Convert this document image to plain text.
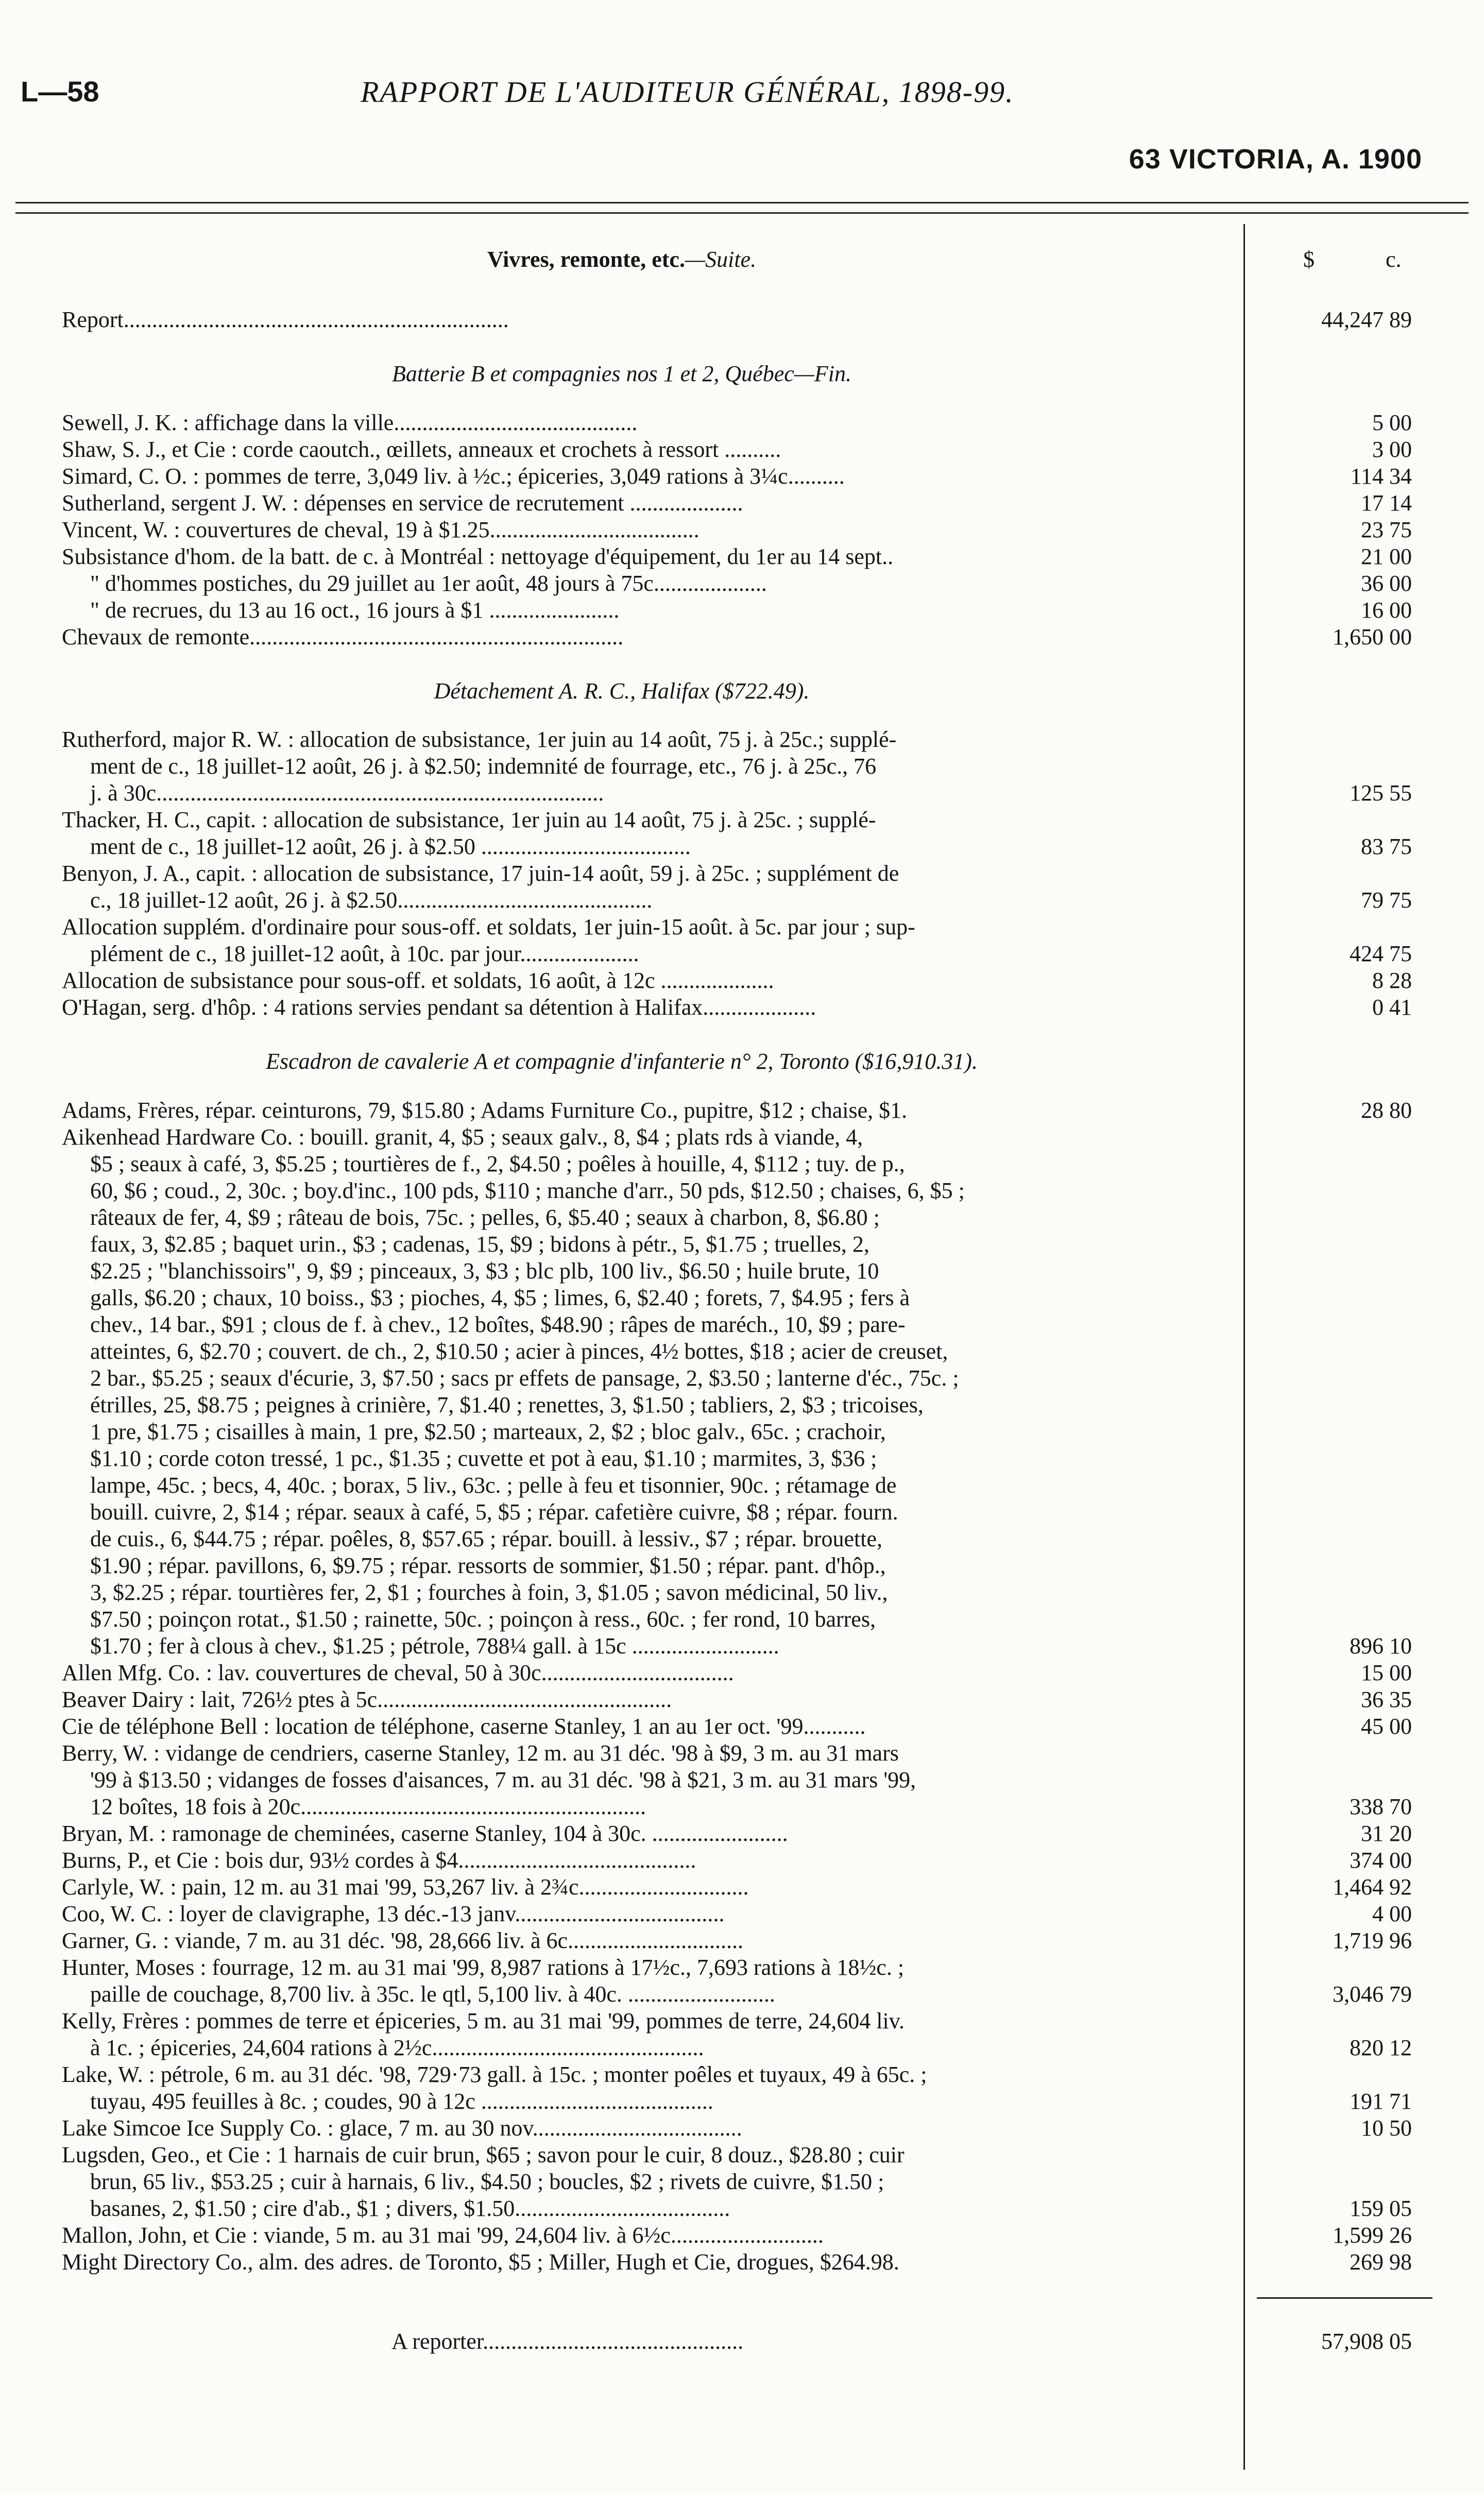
L—58	RAPPORT DE L'AUDITEUR GÉNÉRAL, 1898-99.
63 VICTORIA, A. 1900
Vivres, remonte, etc.—Suite.	$	c.
Report....................................................................	44,247 89
Batterie B et compagnies nos 1 et 2, Québec—Fin.
Sewell, J. K. : affichage dans la ville...........................................	5 00
Shaw, S. J., et Cie : corde caoutch., œillets, anneaux et crochets à ressort ..........	3 00
Simard, C. O. : pommes de terre, 3,049 liv. à ½c.; épiceries, 3,049 rations à 3¼c..........	114 34
Sutherland, sergent J. W. : dépenses en service de recrutement ....................	17 14
Vincent, W. : couvertures de cheval, 19 à $1.25.....................................	23 75
Subsistance d'hom. de la batt. de c. à Montréal : nettoyage d'équipement, du 1er au 14 sept..	21 00
" d'hommes postiches, du 29 juillet au 1er août, 48 jours à 75c....................	36 00
" de recrues, du 13 au 16 oct., 16 jours à $1 .......................	16 00
Chevaux de remonte..................................................................	1,650 00
Détachement A. R. C., Halifax ($722.49).
Rutherford, major R. W. : allocation de subsistance, 1er juin au 14 août, 75 j. à 25c.; supplé-
ment de c., 18 juillet-12 août, 26 j. à $2.50; indemnité de fourrage, etc., 76 j. à 25c., 76
j. à 30c...............................................................................	125 55
Thacker, H. C., capit. : allocation de subsistance, 1er juin au 14 août, 75 j. à 25c. ; supplé-
ment de c., 18 juillet-12 août, 26 j. à $2.50 .....................................	83 75
Benyon, J. A., capit. : allocation de subsistance, 17 juin-14 août, 59 j. à 25c. ; supplément de
c., 18 juillet-12 août, 26 j. à $2.50.............................................	79 75
Allocation supplém. d'ordinaire pour sous-off. et soldats, 1er juin-15 août. à 5c. par jour ; sup-
plément de c., 18 juillet-12 août, à 10c. par jour.....................	424 75
Allocation de subsistance pour sous-off. et soldats, 16 août, à 12c ....................	8 28
O'Hagan, serg. d'hôp. : 4 rations servies pendant sa détention à Halifax....................	0 41
Escadron de cavalerie A et compagnie d'infanterie n° 2, Toronto ($16,910.31).
Adams, Frères, répar. ceinturons, 79, $15.80 ; Adams Furniture Co., pupitre, $12 ; chaise, $1.	28 80
Aikenhead Hardware Co. : bouill. granit, 4, $5 ; seaux galv., 8, $4 ; plats rds à viande, 4,
$5 ; seaux à café, 3, $5.25 ; tourtières de f., 2, $4.50 ; poêles à houille, 4, $112 ; tuy. de p.,
60, $6 ; coud., 2, 30c. ; boy.d'inc., 100 pds, $110 ; manche d'arr., 50 pds, $12.50 ; chaises, 6, $5 ;
râteaux de fer, 4, $9 ; râteau de bois, 75c. ; pelles, 6, $5.40 ; seaux à charbon, 8, $6.80 ;
faux, 3, $2.85 ; baquet urin., $3 ; cadenas, 15, $9 ; bidons à pétr., 5, $1.75 ; truelles, 2,
$2.25 ; "blanchissoirs", 9, $9 ; pinceaux, 3, $3 ; blc plb, 100 liv., $6.50 ; huile brute, 10
galls, $6.20 ; chaux, 10 boiss., $3 ; pioches, 4, $5 ; limes, 6, $2.40 ; forets, 7, $4.95 ; fers à
chev., 14 bar., $91 ; clous de f. à chev., 12 boîtes, $48.90 ; râpes de maréch., 10, $9 ; pare-
atteintes, 6, $2.70 ; couvert. de ch., 2, $10.50 ; acier à pinces, 4½ bottes, $18 ; acier de creuset,
2 bar., $5.25 ; seaux d'écurie, 3, $7.50 ; sacs pr effets de pansage, 2, $3.50 ; lanterne d'éc., 75c. ;
étrilles, 25, $8.75 ; peignes à crinière, 7, $1.40 ; renettes, 3, $1.50 ; tabliers, 2, $3 ; tricoises,
1 pre, $1.75 ; cisailles à main, 1 pre, $2.50 ; marteaux, 2, $2 ; bloc galv., 65c. ; crachoir,
$1.10 ; corde coton tressé, 1 pc., $1.35 ; cuvette et pot à eau, $1.10 ; marmites, 3, $36 ;
lampe, 45c. ; becs, 4, 40c. ; borax, 5 liv., 63c. ; pelle à feu et tisonnier, 90c. ; rétamage de
bouill. cuivre, 2, $14 ; répar. seaux à café, 5, $5 ; répar. cafetière cuivre, $8 ; répar. fourn.
de cuis., 6, $44.75 ; répar. poêles, 8, $57.65 ; répar. bouill. à lessiv., $7 ; répar. brouette,
$1.90 ; répar. pavillons, 6, $9.75 ; répar. ressorts de sommier, $1.50 ; répar. pant. d'hôp.,
3, $2.25 ; répar. tourtières fer, 2, $1 ; fourches à foin, 3, $1.05 ; savon médicinal, 50 liv.,
$7.50 ; poinçon rotat., $1.50 ; rainette, 50c. ; poinçon à ress., 60c. ; fer rond, 10 barres,
$1.70 ; fer à clous à chev., $1.25 ; pétrole, 788¼ gall. à 15c ..........................	896 10
Allen Mfg. Co. : lav. couvertures de cheval, 50 à 30c..................................	15 00
Beaver Dairy : lait, 726½ ptes à 5c....................................................	36 35
Cie de téléphone Bell : location de téléphone, caserne Stanley, 1 an au 1er oct. '99...........	45 00
Berry, W. : vidange de cendriers, caserne Stanley, 12 m. au 31 déc. '98 à $9, 3 m. au 31 mars
'99 à $13.50 ; vidanges de fosses d'aisances, 7 m. au 31 déc. '98 à $21, 3 m. au 31 mars '99,
12 boîtes, 18 fois à 20c.............................................................	338 70
Bryan, M. : ramonage de cheminées, caserne Stanley, 104 à 30c. ........................	31 20
Burns, P., et Cie : bois dur, 93½ cordes à $4..........................................	374 00
Carlyle, W. : pain, 12 m. au 31 mai '99, 53,267 liv. à 2¾c..............................	1,464 92
Coo, W. C. : loyer de clavigraphe, 13 déc.-13 janv.....................................	4 00
Garner, G. : viande, 7 m. au 31 déc. '98, 28,666 liv. à 6c...............................	1,719 96
Hunter, Moses : fourrage, 12 m. au 31 mai '99, 8,987 rations à 17½c., 7,693 rations à 18½c. ;
paille de couchage, 8,700 liv. à 35c. le qtl, 5,100 liv. à 40c. ..........................	3,046 79
Kelly, Frères : pommes de terre et épiceries, 5 m. au 31 mai '99, pommes de terre, 24,604 liv.
à 1c. ; épiceries, 24,604 rations à 2½c................................................	820 12
Lake, W. : pétrole, 6 m. au 31 déc. '98, 729·73 gall. à 15c. ; monter poêles et tuyaux, 49 à 65c. ;
tuyau, 495 feuilles à 8c. ; coudes, 90 à 12c .........................................	191 71
Lake Simcoe Ice Supply Co. : glace, 7 m. au 30 nov.....................................	10 50
Lugsden, Geo., et Cie : 1 harnais de cuir brun, $65 ; savon pour le cuir, 8 douz., $28.80 ; cuir
brun, 65 liv., $53.25 ; cuir à harnais, 6 liv., $4.50 ; boucles, $2 ; rivets de cuivre, $1.50 ;
basanes, 2, $1.50 ; cire d'ab., $1 ; divers, $1.50......................................	159 05
Mallon, John, et Cie : viande, 5 m. au 31 mai '99, 24,604 liv. à 6½c...........................	1,599 26
Might Directory Co., alm. des adres. de Toronto, $5 ; Miller, Hugh et Cie, drogues, $264.98.	269 98
A reporter..............................................	57,908 05
